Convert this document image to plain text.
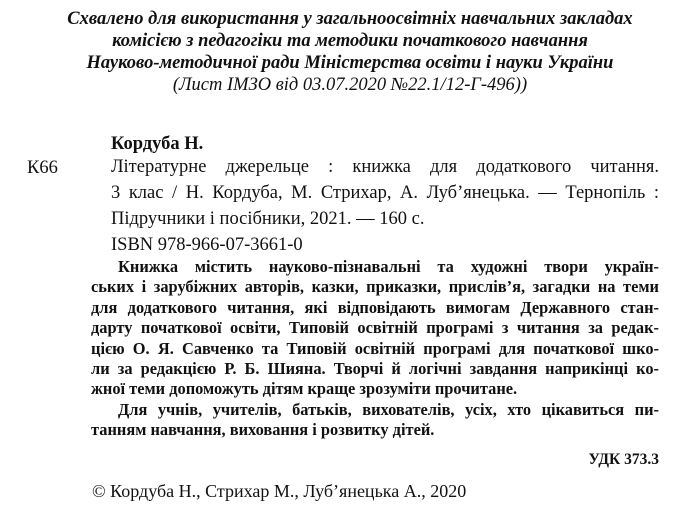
Схвалено для використання у загальноосвітніх навчальних закладах
комісією з педагогіки та методики початкового навчання
Науково-методичної ради Міністерства освіти і науки України
(Лист ІМЗО від 03.07.2020 №22.1/12-Г-496))
Кордуба Н.
К66	Літературне джерельце : книжка для додаткового читання.
3 клас / Н. Кордуба, М. Стрихар, А. Луб’янецька. — Тернопіль :
Підручники і посібники, 2021. — 160 с.
ISBN 978-966-07-3661-0
Книжка містить науково-пізнавальні та художні твори україн-
ських і зарубіжних авторів, казки, приказки, прислів’я, загадки на теми
для додаткового читання, які відповідають вимогам Державного стан-
дарту початкової освіти, Типовій освітній програмі з читання за редак-
цією О. Я. Савченко та Типовій освітній програмі для початкової шко-
ли за редакцією Р. Б. Шияна. Творчі й логічні завдання наприкінці ко-
жної теми допоможуть дітям краще зрозуміти прочитане.
Для учнів, учителів, батьків, вихователів, усіх, хто цікавиться пи-
танням навчання, виховання і розвитку дітей.
УДК 373.3
© Кордуба Н., Стрихар М., Луб’янецька А., 2020
